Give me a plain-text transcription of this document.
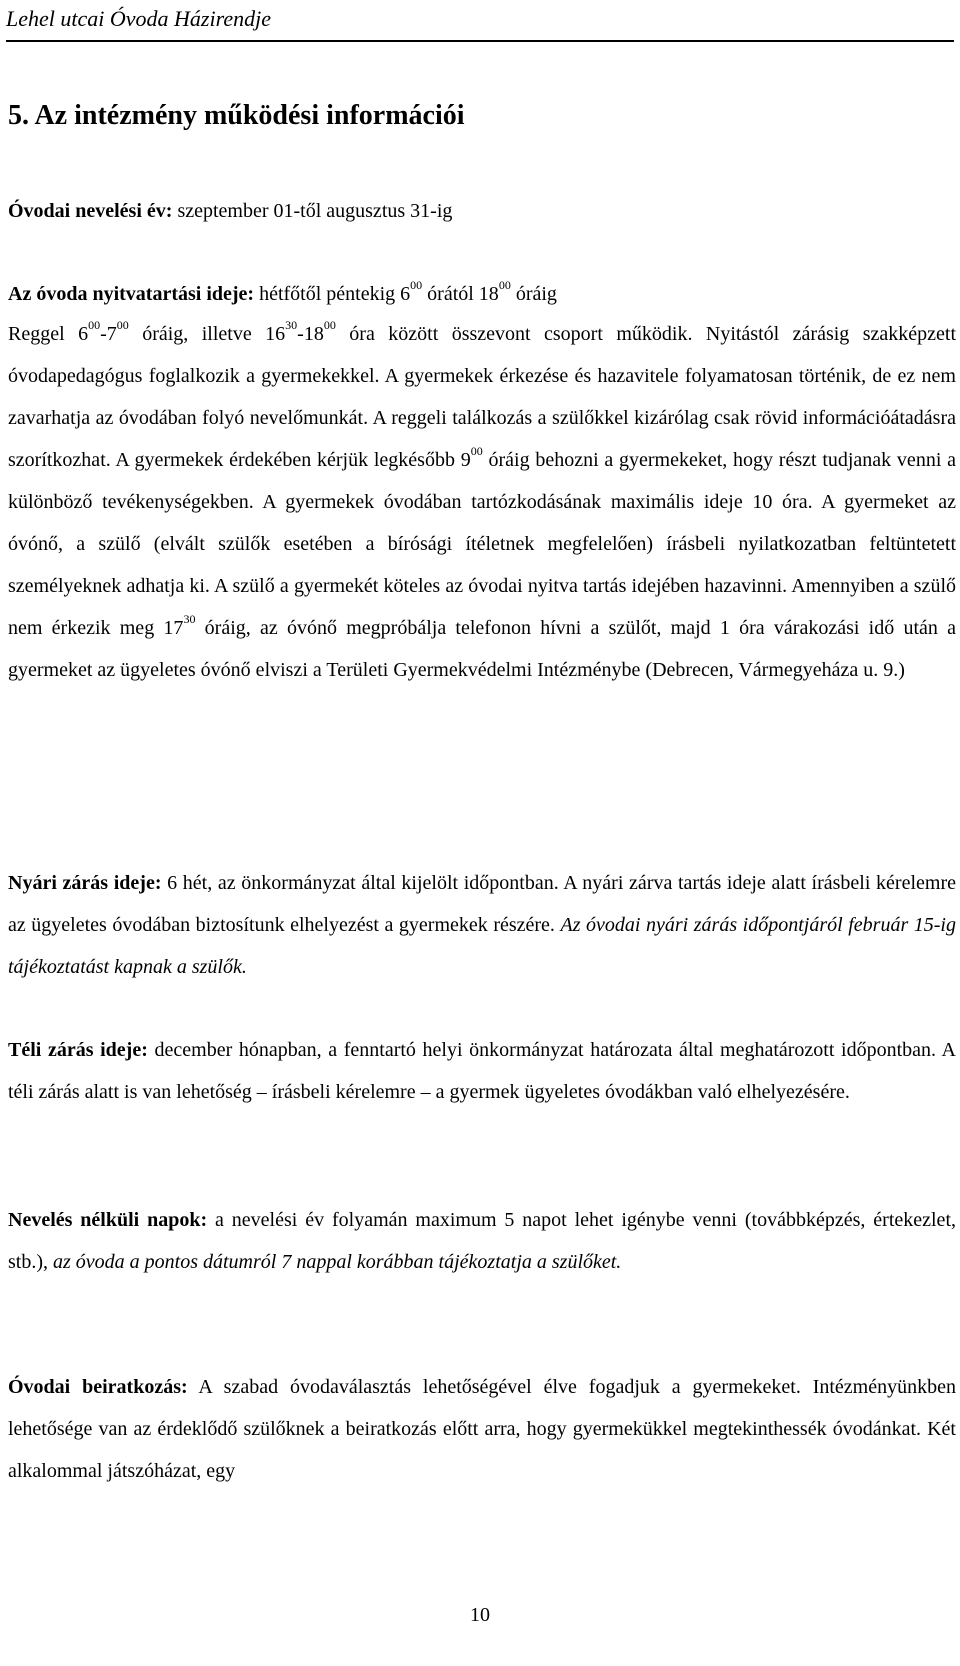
Lehel utcai Óvoda Házirendje
5. Az intézmény működési információi
Óvodai nevelési év: szeptember 01-től augusztus 31-ig
Az óvoda nyitvatartási ideje: hétfőtől péntekig $6^{00}$ órától $18^{00}$ óráig
Reggel $6^{00}-7^{00}$ óráig, illetve $16^{30}-18^{00}$ óra között összevont csoport működik. Nyitástól zárásig szakképzett óvodapedagógus foglalkozik a gyermekekkel. A gyermekek érkezése és hazavitele folyamatosan történik, de ez nem zavarhatja az óvodában folyó nevelőmunkát. A reggeli találkozás a szülőkkel kizárólag csak rövid információátadásra szorítkozhat. A gyermekek érdekében kérjük legkésőbb $9^{00}$ óráig behozni a gyermekeket, hogy részt tudjanak venni a különböző tevékenységekben. A gyermekek óvodában tartózkodásának maximális ideje 10 óra. A gyermeket az óvónő, a szülő (elvált szülők esetében a bírósági ítéletnek megfelelően) írásbeli nyilatkozatban feltüntetett személyeknek adhatja ki. A szülő a gyermekét köteles az óvodai nyitva tartás idejében hazavinni. Amennyiben a szülő nem érkezik meg $17^{30}$ óráig, az óvónő megpróbálja telefonon hívni a szülőt, majd 1 óra várakozási idő után a gyermeket az ügyeletes óvónő elviszi a Területi Gyermekvédelmi Intézménybe (Debrecen, Vármegyeháza u. 9.)
Nyári zárás ideje: 6 hét, az önkormányzat által kijelölt időpontban. A nyári zárva tartás ideje alatt írásbeli kérelemre az ügyeletes óvodában biztosítunk elhelyezést a gyermekek részére. Az óvodai nyári zárás időpontjáról február 15-ig tájékoztatást kapnak a szülők.
Téli zárás ideje: december hónapban, a fenntartó helyi önkormányzat határozata által meghatározott időpontban. A téli zárás alatt is van lehetőség – írásbeli kérelemre – a gyermek ügyeletes óvodákban való elhelyezésére.
Nevelés nélküli napok: a nevelési év folyamán maximum 5 napot lehet igénybe venni (továbbképzés, értekezlet, stb.), az óvoda a pontos dátumról 7 nappal korábban tájékoztatja a szülőket.
Óvodai beiratkozás: A szabad óvodaválasztás lehetőségével élve fogadjuk a gyermekeket. Intézményünkben lehetősége van az érdeklődő szülőknek a beiratkozás előtt arra, hogy gyermekükkel megtekinthessék óvodánkat. Két alkalommal játszóházat, egy
10
